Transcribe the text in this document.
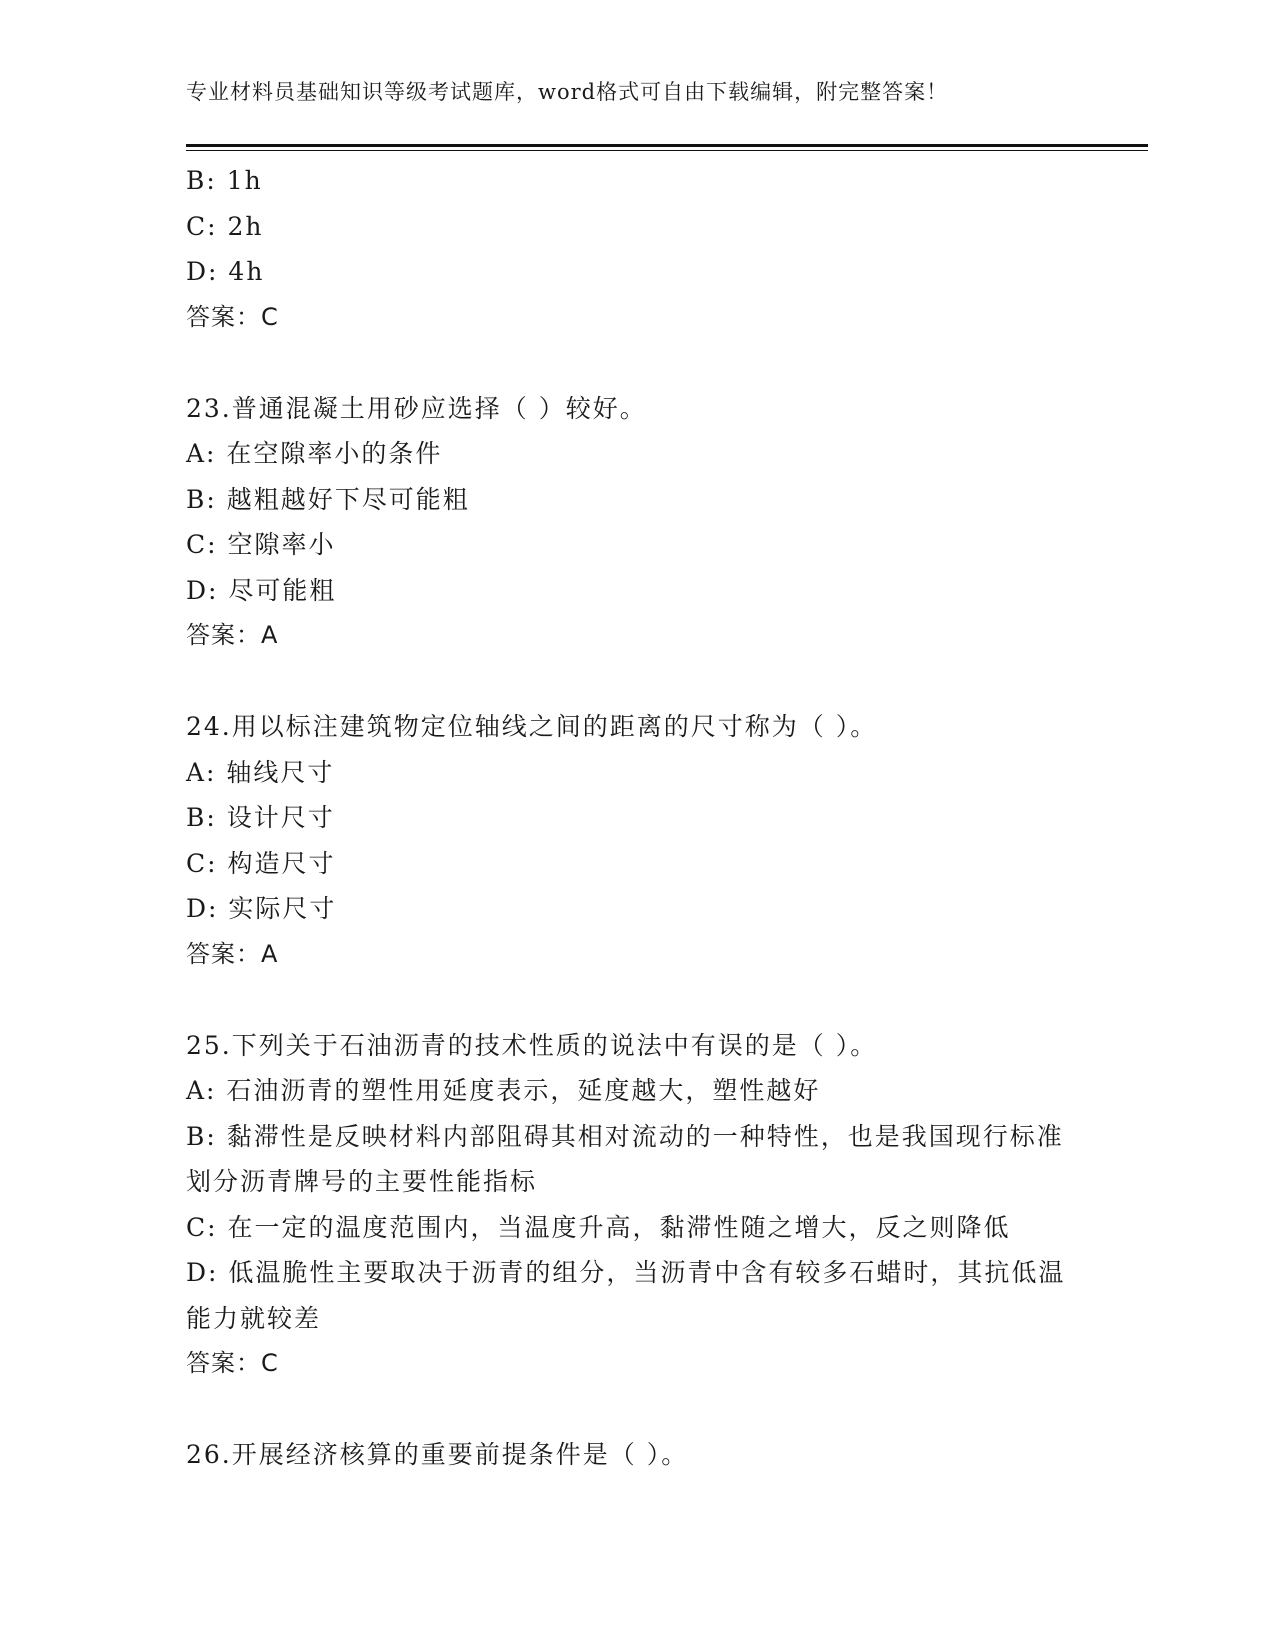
专业材料员基础知识等级考试题库，word格式可自由下载编辑，附完整答案！
B: 1h
C: 2h
D: 4h
答案：C
23.普通混凝土用砂应选择（ ）较好。
A: 在空隙率小的条件
B: 越粗越好下尽可能粗
C: 空隙率小
D: 尽可能粗
答案：A
24.用以标注建筑物定位轴线之间的距离的尺寸称为（ ）。
A: 轴线尺寸
B: 设计尺寸
C: 构造尺寸
D: 实际尺寸
答案：A
25.下列关于石油沥青的技术性质的说法中有误的是（ ）。
A: 石油沥青的塑性用延度表示，延度越大，塑性越好
B: 黏滞性是反映材料内部阻碍其相对流动的一种特性，也是我国现行标准划分沥青牌号的主要性能指标
C: 在一定的温度范围内，当温度升高，黏滞性随之增大，反之则降低
D: 低温脆性主要取决于沥青的组分，当沥青中含有较多石蜡时，其抗低温能力就较差
答案：C
26.开展经济核算的重要前提条件是（ ）。
